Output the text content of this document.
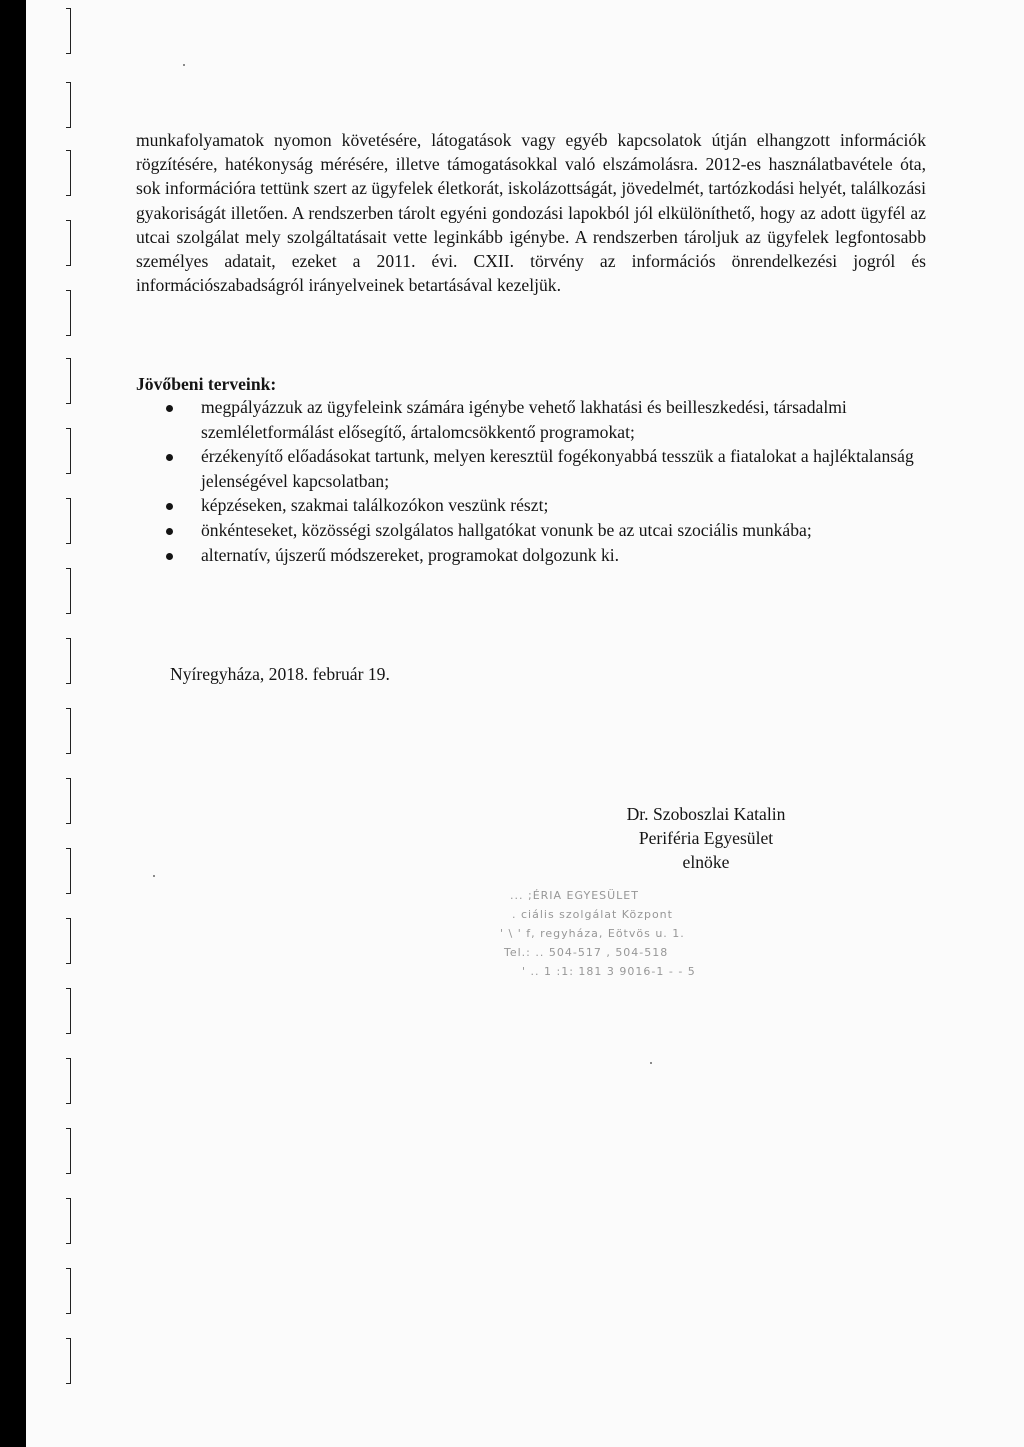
munkafolyamatok nyomon követésére, látogatások vagy egyéb kapcsolatok útján elhangzott információk rögzítésére, hatékonyság mérésére, illetve támogatásokkal való elszámolásra. 2012-es használatbavétele óta, sok információra tettünk szert az ügyfelek életkorát, iskolázottságát, jövedelmét, tartózkodási helyét, találkozási gyakoriságát illetően. A rendszerben tárolt egyéni gondozási lapokból jól elkülöníthető, hogy az adott ügyfél az utcai szolgálat mely szolgáltatásait vette leginkább igénybe. A rendszerben tároljuk az ügyfelek legfontosabb személyes adatait, ezeket a 2011. évi. CXII. törvény az információs önrendelkezési jogról és információszabadságról irányelveinek betartásával kezeljük.
Jövőbeni terveink:
megpályázzuk az ügyfeleink számára igénybe vehető lakhatási és beilleszkedési, társadalmi szemléletformálást elősegítő, ártalomcsökkentő programokat;
érzékenyítő előadásokat tartunk, melyen keresztül fogékonyabbá tesszük a fiatalokat a hajléktalanság jelenségével kapcsolatban;
képzéseken, szakmai találkozókon veszünk részt;
önkénteseket, közösségi szolgálatos hallgatókat vonunk be az utcai szociális munkába;
alternatív, újszerű módszereket, programokat dolgozunk ki.
Nyíregyháza, 2018. február 19.
Dr. Szoboszlai Katalin
Periféria Egyesület
elnöke
... ;ÉRIA EGYESÜLET
. ciális szolgálat Központ
' \ ' f, regyháza, Eötvös u. 1.
Tel.: .. 504-517 , 504-518
' .. 1 :1: 181 3 9016-1 - - 5
